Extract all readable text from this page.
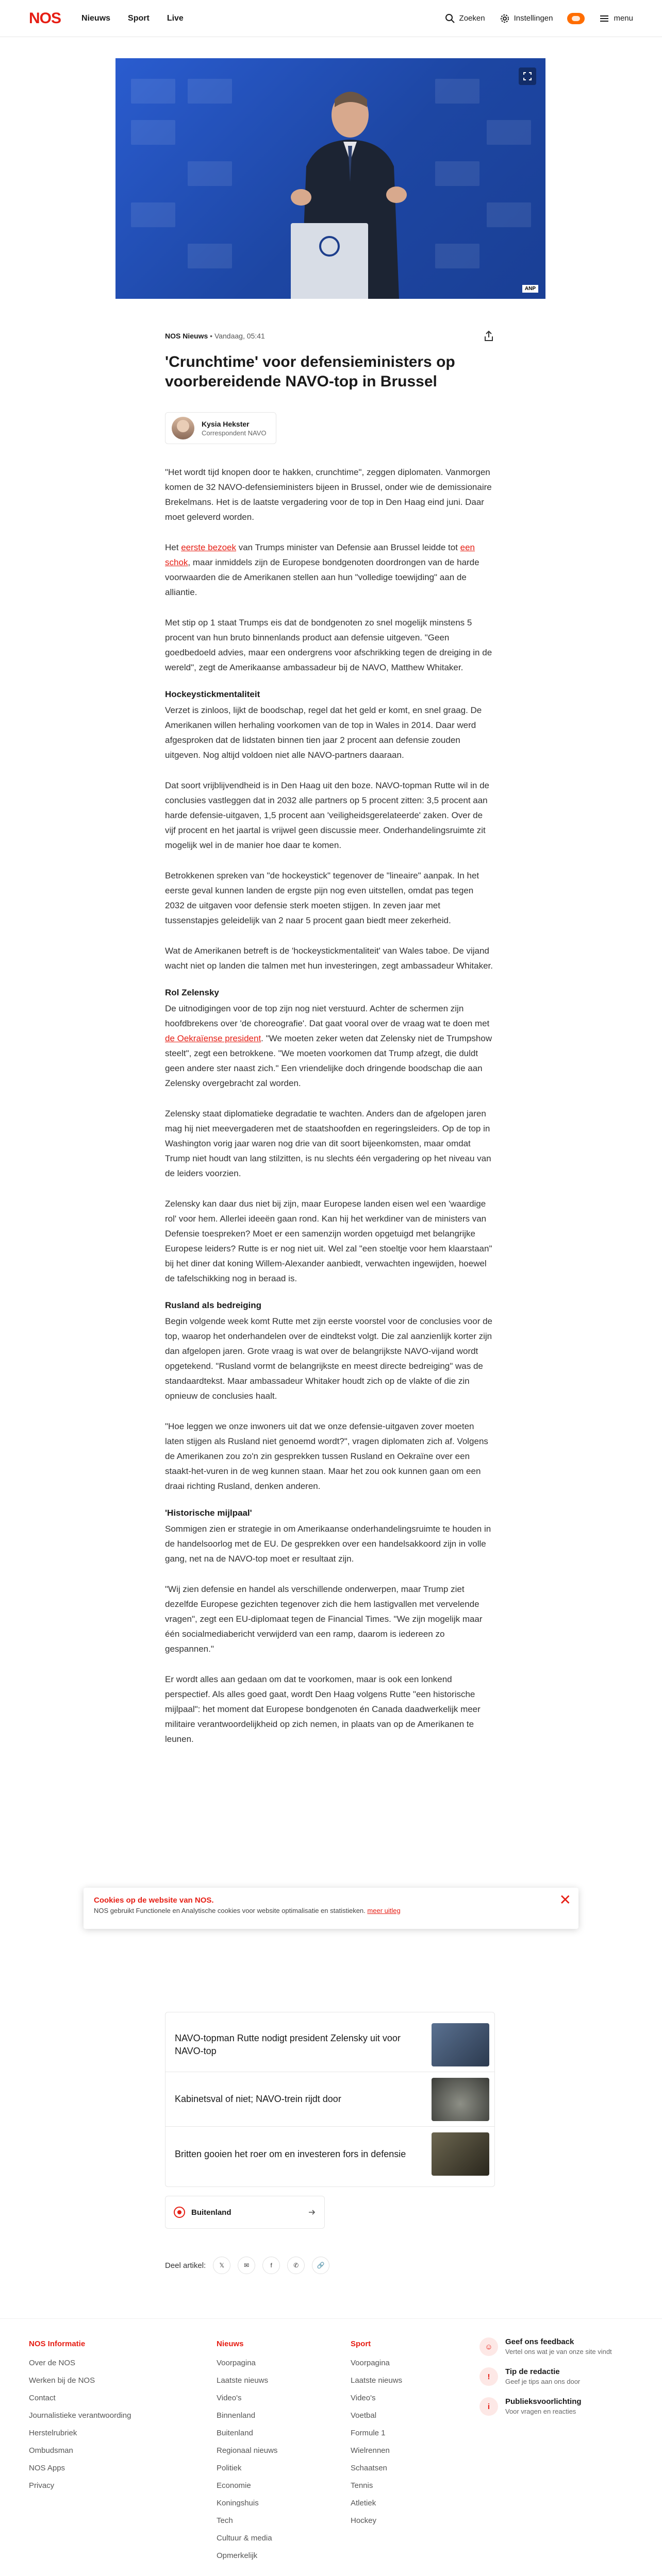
NOS	Nieuws Sport Live	Zoeken	Instellingen	menu
ANP
NOS Nieuws • Vandaag, 05:41
'Crunchtime' voor defensieministers op voorbereidende NAVO-top in Brussel
Kysia Hekster
Correspondent NAVO

"Het wordt tijd knopen door te hakken, crunchtime", zeggen diplomaten. Vanmorgen komen de 32 NAVO-defensieministers bijeen in Brussel, onder wie de demissionaire Brekelmans. Het is de laatste vergadering voor de top in Den Haag eind juni. Daar moet geleverd worden.

Het eerste bezoek van Trumps minister van Defensie aan Brussel leidde tot een schok, maar inmiddels zijn de Europese bondgenoten doordrongen van de harde voorwaarden die de Amerikanen stellen aan hun "volledige toewijding" aan de alliantie.

Met stip op 1 staat Trumps eis dat de bondgenoten zo snel mogelijk minstens 5 procent van hun bruto binnenlands product aan defensie uitgeven. "Geen goedbedoeld advies, maar een ondergrens voor afschrikking tegen de dreiging in de wereld", zegt de Amerikaanse ambassadeur bij de NAVO, Matthew Whitaker.

Hockeystickmentaliteit

Verzet is zinloos, lijkt de boodschap, regel dat het geld er komt, en snel graag. De Amerikanen willen herhaling voorkomen van de top in Wales in 2014. Daar werd afgesproken dat de lidstaten binnen tien jaar 2 procent aan defensie zouden uitgeven. Nog altijd voldoen niet alle NAVO-partners daaraan.

Dat soort vrijblijvendheid is in Den Haag uit den boze. NAVO-topman Rutte wil in de conclusies vastleggen dat in 2032 alle partners op 5 procent zitten: 3,5 procent aan harde defensie-uitgaven, 1,5 procent aan 'veiligheidsgerelateerde' zaken. Over de vijf procent en het jaartal is vrijwel geen discussie meer. Onderhandelingsruimte zit mogelijk wel in de manier hoe daar te komen.

Betrokkenen spreken van "de hockeystick" tegenover de "lineaire" aanpak. In het eerste geval kunnen landen de ergste pijn nog even uitstellen, omdat pas tegen 2032 de uitgaven voor defensie sterk moeten stijgen. In zeven jaar met tussenstapjes geleidelijk van 2 naar 5 procent gaan biedt meer zekerheid.

Wat de Amerikanen betreft is de 'hockeystickmentaliteit' van Wales taboe. De vijand wacht niet op landen die talmen met hun investeringen, zegt ambassadeur Whitaker.

Rol Zelensky

De uitnodigingen voor de top zijn nog niet verstuurd. Achter de schermen zijn hoofdbrekens over 'de choreografie'. Dat gaat vooral over de vraag wat te doen met de Oekraïense president. "We moeten zeker weten dat Zelensky niet de Trumpshow steelt", zegt een betrokkene. "We moeten voorkomen dat Trump afzegt, die duldt geen andere ster naast zich." Een vriendelijke doch dringende boodschap die aan Zelensky overgebracht zal worden.

Zelensky staat diplomatieke degradatie te wachten. Anders dan de afgelopen jaren mag hij niet meevergaderen met de staatshoofden en regeringsleiders. Op de top in Washington vorig jaar waren nog drie van dit soort bijeenkomsten, maar omdat Trump niet houdt van lang stilzitten, is nu slechts één vergadering op het niveau van de leiders voorzien.

Zelensky kan daar dus niet bij zijn, maar Europese landen eisen wel een 'waardige rol' voor hem. Allerlei ideeën gaan rond. Kan hij het werkdiner van de ministers van Defensie toespreken? Moet er een samenzijn worden opgetuigd met belangrijke Europese leiders? Rutte is er nog niet uit. Wel zal "een stoeltje voor hem klaarstaan" bij het diner dat koning Willem-Alexander aanbiedt, verwachten ingewijden, hoewel de tafelschikking nog in beraad is.

Rusland als bedreiging

Begin volgende week komt Rutte met zijn eerste voorstel voor de conclusies voor de top, waarop het onderhandelen over de eindtekst volgt. Die zal aanzienlijk korter zijn dan afgelopen jaren. Grote vraag is wat over de belangrijkste NAVO-vijand wordt opgetekend. "Rusland vormt de belangrijkste en meest directe bedreiging" was de standaardtekst. Maar ambassadeur Whitaker houdt zich op de vlakte of die zin opnieuw de conclusies haalt.

"Hoe leggen we onze inwoners uit dat we onze defensie-uitgaven zover moeten laten stijgen als Rusland niet genoemd wordt?", vragen diplomaten zich af. Volgens de Amerikanen zou zo'n zin gesprekken tussen Rusland en Oekraïne over een staakt-het-vuren in de weg kunnen staan. Maar het zou ook kunnen gaan om een draai richting Rusland, denken anderen.

'Historische mijlpaal'

Sommigen zien er strategie in om Amerikaanse onderhandelingsruimte te houden in de handelsoorlog met de EU. De gesprekken over een handelsakkoord zijn in volle gang, net na de NAVO-top moet er resultaat zijn.

"Wij zien defensie en handel als verschillende onderwerpen, maar Trump ziet dezelfde Europese gezichten tegenover zich die hem lastigvallen met vervelende vragen", zegt een EU-diplomaat tegen de Financial Times. "We zijn mogelijk maar één socialmediabericht verwijderd van een ramp, daarom is iedereen zo gespannen."

Er wordt alles aan gedaan om dat te voorkomen, maar is ook een lonkend perspectief. Als alles goed gaat, wordt Den Haag volgens Rutte "een historische mijlpaal": het moment dat Europese bondgenoten én Canada daadwerkelijk meer militaire verantwoordelijkheid op zich nemen, in plaats van op de Amerikanen te leunen.

Cookies op de website van NOS.

NOS gebruikt Functionele en Analytische cookies voor website optimalisatie en statistieken. meer uitleg

✕
NAVO-topman Rutte nodigt president Zelensky uit voor NAVO-top
Kabinetsval of niet; NAVO-trein rijdt door
Britten gooien het roer om en investeren fors in defensie
Buitenland
Deel artikel:	𝕏	✉	f	✆	🔗
NOS Informatie
Over de NOS
Werken bij de NOS
Contact
Journalistieke verantwoording
Herstelrubriek
Ombudsman
NOS Apps
Privacy
Nieuws
Voorpagina
Laatste nieuws
Video's
Binnenland
Buitenland
Regionaal nieuws
Politiek
Economie
Koningshuis
Tech
Cultuur & media
Opmerkelijk
Sport
Voorpagina
Laatste nieuws
Video's
Voetbal
Formule 1
Wielrennen
Schaatsen
Tennis
Atletiek
Hockey
☺
Geef ons feedback
Vertel ons wat je van onze site vindt
!
Tip de redactie
Geef je tips aan ons door
i
Publieksvoorlichting
Voor vragen en reacties
